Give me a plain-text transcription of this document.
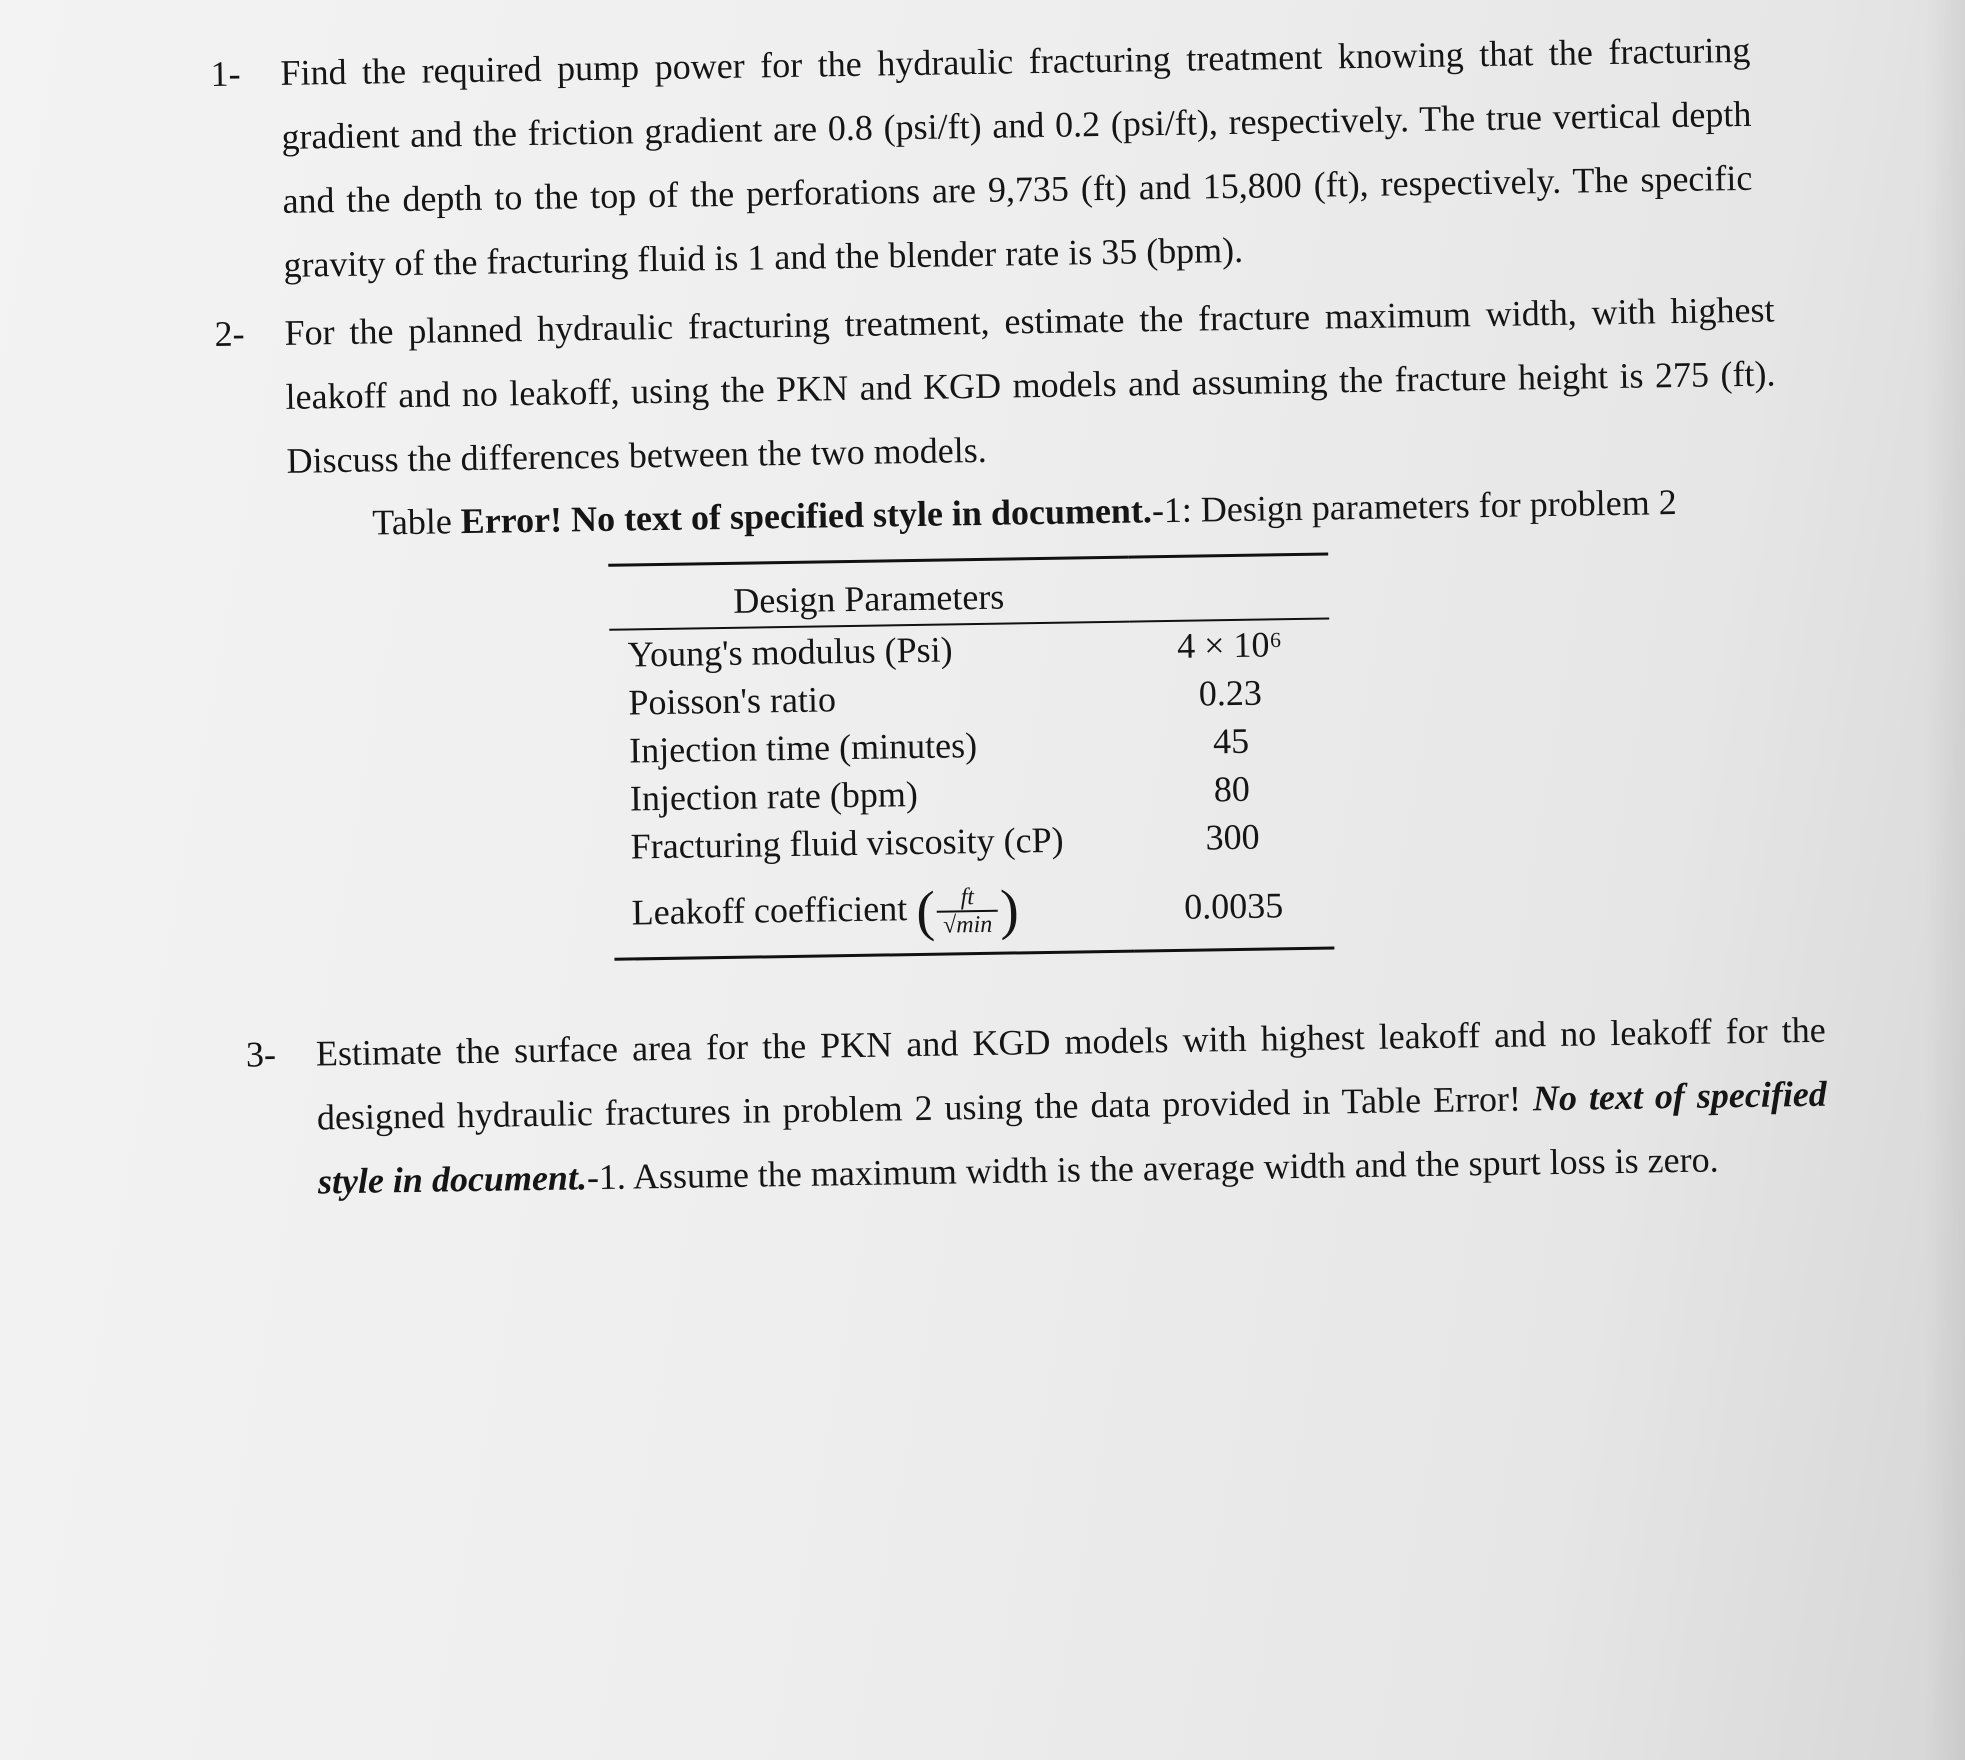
1- Find the required pump power for the hydraulic fracturing treatment knowing that the fracturing gradient and the friction gradient are 0.8 (psi/ft) and 0.2 (psi/ft), respectively. The true vertical depth and the depth to the top of the perforations are 9,735 (ft) and 15,800 (ft), respectively. The specific gravity of the fracturing fluid is 1 and the blender rate is 35 (bpm).
2- For the planned hydraulic fracturing treatment, estimate the fracture maximum width, with highest leakoff and no leakoff, using the PKN and KGD models and assuming the fracture height is 275 (ft). Discuss the differences between the two models.
Table Error! No text of specified style in document.-1: Design parameters for problem 2
Design Parameters	
Young's modulus (Psi)	4 × 10⁶
Poisson's ratio	0.23
Injection time (minutes)	45
Injection rate (bpm)	80
Fracturing fluid viscosity (cP)	300
Leakoff coefficient ( $\frac{ft}{√\min}$ )	0.0035
3- Estimate the surface area for the PKN and KGD models with highest leakoff and no leakoff for the designed hydraulic fractures in problem 2 using the data provided in Table Error! No text of specified style in document.-1. Assume the maximum width is the average width and the spurt loss is zero.
